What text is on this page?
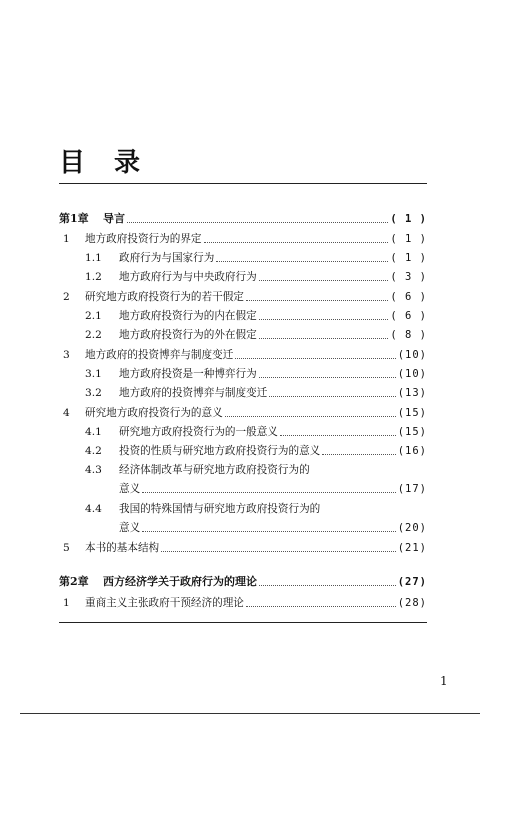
目 录
第1章	导言	( 1 )
1	地方政府投资行为的界定	( 1 )
1.1	政府行为与国家行为	( 1 )
1.2	地方政府行为与中央政府行为	( 3 )
2	研究地方政府投资行为的若干假定	( 6 )
2.1	地方政府投资行为的内在假定	( 6 )
2.2	地方政府投资行为的外在假定	( 8 )
3	地方政府的投资博弈与制度变迁	(10)
3.1	地方政府投资是一种博弈行为	(10)
3.2	地方政府的投资博弈与制度变迁	(13)
4	研究地方政府投资行为的意义	(15)
4.1	研究地方政府投资行为的一般意义	(15)
4.2	投资的性质与研究地方政府投资行为的意义	(16)
4.3	经济体制改革与研究地方政府投资行为的
意义	(17)
4.4	我国的特殊国情与研究地方政府投资行为的
意义	(20)
5	本书的基本结构	(21)
第2章	西方经济学关于政府行为的理论	(27)
1	重商主义主张政府干预经济的理论	(28)
1
